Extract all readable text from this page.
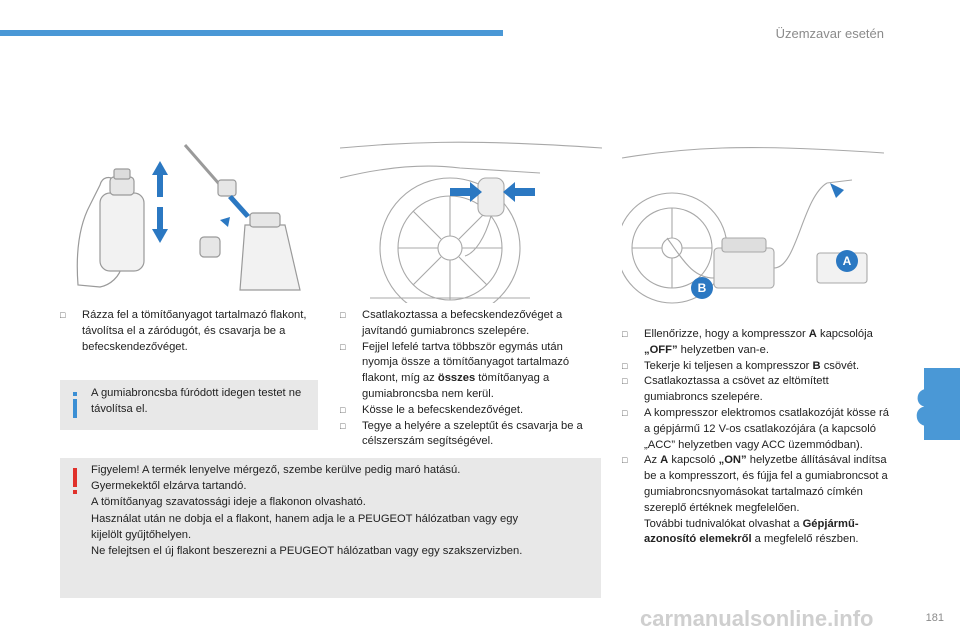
Üzemzavar esetén
8
A
B
□ Rázza fel a tömítőanyagot tartalmazó flakont, távolítsa el a záródugót, és csavarja be a befecskendezővéget.
A gumiabroncsba fúródott idegen testet ne távolítsa el.
□ Csatlakoztassa a befecskendezővéget a javítandó gumiabroncs szelepére.
□ Fejjel lefelé tartva többször egymás után nyomja össze a tömítőanyagot tartalmazó flakont, míg az összes tömítőanyag a gumiabroncsba nem kerül.
□ Kösse le a befecskendezővéget.
□ Tegye a helyére a szeleptűt és csavarja be a célszerszám segítségével.
□ Ellenőrizze, hogy a kompresszor A kapcsolója „OFF” helyzetben van-e.
□ Tekerje ki teljesen a kompresszor B csövét.
□ Csatlakoztassa a csövet az eltömített gumiabroncs szelepére.
□ A kompresszor elektromos csatlakozóját kösse rá a gépjármű 12 V-os csatlakozójára (a kapcsoló „ACC” helyzetben vagy ACC üzemmódban).
□ Az A kapcsoló „ON” helyzetbe állításával indítsa be a kompresszort, és fújja fel a gumiabroncsot a gumiabroncsnyomásokat tartalmazó címkén szereplő értéknek megfelelően.
További tudnivalókat olvashat a Gépjármű-azonosító elemekről a megfelelő részben.

Figyelem! A termék lenyelve mérgező, szembe kerülve pedig maró hatású.

Gyermekektől elzárva tartandó.

A tömítőanyag szavatossági ideje a flakonon olvasható.

Használat után ne dobja el a flakont, hanem adja le a PEUGEOT hálózatban vagy egy

kijelölt gyűjtőhelyen.

Ne felejtsen el új flakont beszerezni a PEUGEOT hálózatban vagy egy szakszervizben.

carmanualsonline.info	181
